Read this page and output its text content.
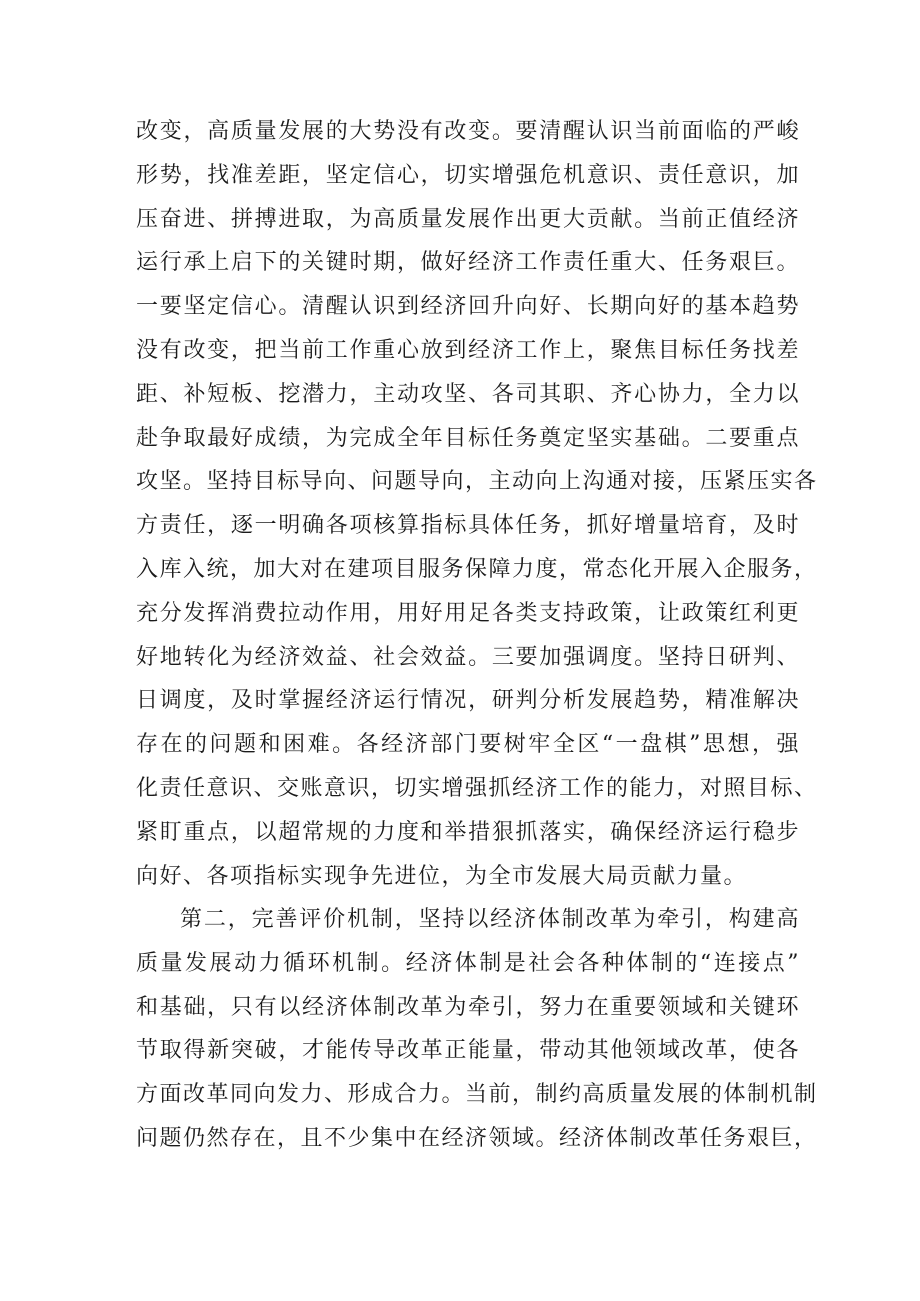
改变，高质量发展的大势没有改变。要清醒认识当前面临的严峻
形势，找准差距，坚定信心，切实增强危机意识、责任意识，加
压奋进、拼搏进取，为高质量发展作出更大贡献。当前正值经济
运行承上启下的关键时期，做好经济工作责任重大、任务艰巨。
一要坚定信心。清醒认识到经济回升向好、长期向好的基本趋势
没有改变，把当前工作重心放到经济工作上，聚焦目标任务找差
距、补短板、挖潜力，主动攻坚、各司其职、齐心协力，全力以
赴争取最好成绩，为完成全年目标任务奠定坚实基础。二要重点
攻坚。坚持目标导向、问题导向，主动向上沟通对接，压紧压实各
方责任，逐一明确各项核算指标具体任务，抓好增量培育，及时
入库入统，加大对在建项目服务保障力度，常态化开展入企服务，
充分发挥消费拉动作用，用好用足各类支持政策，让政策红利更
好地转化为经济效益、社会效益。三要加强调度。坚持日研判、
日调度，及时掌握经济运行情况，研判分析发展趋势，精准解决
存在的问题和困难。各经济部门要树牢全区“一盘棋”思想，强
化责任意识、交账意识，切实增强抓经济工作的能力，对照目标、
紧盯重点，以超常规的力度和举措狠抓落实，确保经济运行稳步
向好、各项指标实现争先进位，为全市发展大局贡献力量。
第二，完善评价机制，坚持以经济体制改革为牵引，构建高
质量发展动力循环机制。经济体制是社会各种体制的“连接点”
和基础，只有以经济体制改革为牵引，努力在重要领域和关键环
节取得新突破，才能传导改革正能量，带动其他领域改革，使各
方面改革同向发力、形成合力。当前，制约高质量发展的体制机制
问题仍然存在，且不少集中在经济领域。经济体制改革任务艰巨，
